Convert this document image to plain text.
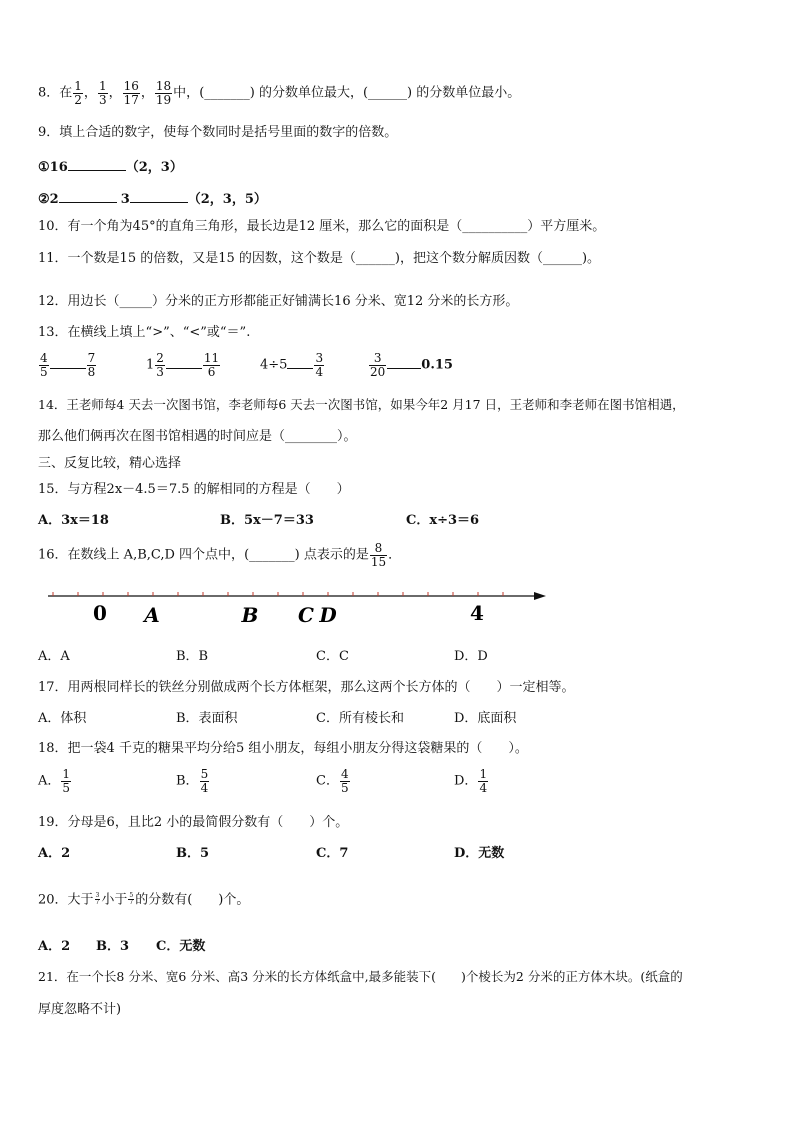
8．在 $\frac{1}{2}$ ， $\frac{1}{3}$ ， $\frac{16}{17}$ ， $\frac{18}{19}$ 中，(_______) 的分数单位最大，(______) 的分数单位最小。
9．填上合适的数字，使每个数同时是括号里面的数字的倍数。
①16	（2，3）
②2	3	（2，3，5）
10．有一个角为45°的直角三角形，最长边是12 厘米，那么它的面积是（__________）平方厘米。
11．一个数是15 的倍数，又是15 的因数，这个数是（______)，把这个数分解质因数（______)。
12．用边长（_____）分米的正方形都能正好铺满长16 分米、宽12 分米的长方形。
13．在横线上填上“>”、“<”或“＝”.
$\frac{4}{5}$	$\frac{7}{8}$	$1 \frac{2}{3}$	$\frac{11}{6}$	$4\div 5 \frac{3}{4}$	$\frac{3}{20}$	0.15
14．王老师每4 天去一次图书馆，李老师每6 天去一次图书馆，如果今年2 月17 日，王老师和李老师在图书馆相遇，
那么他们俩再次在图书馆相遇的时间应是（________）。
三、反复比较，精心选择
15．与方程2x－4.5＝7.5 的解相同的方程是（　　）
A．3x＝18	B．5x－7＝33	C．x÷3＝6
16．在数线上 A,B,C,D 四个点中，(_______) 点表示的是 $\frac{8}{15}$ ．
0 A	B C D	4
A．A	B．B	C．C	D．D
17．用两根同样长的铁丝分别做成两个长方体框架，那么这两个长方体的（　　）一定相等。
A．体积	B．表面积	C．所有棱长和	D．底面积
18．把一袋4 千克的糖果平均分给5 组小朋友，每组小朋友分得这袋糖果的（　　）。
A． $\frac{1}{5}$	B． $\frac{5}{4}$	C． $\frac{4}{5}$	D． $\frac{1}{4}$
19．分母是6，且比2 小的最简假分数有（　　）个。
A．2	B．5	C．7	D．无数
20．大于 $\frac{3}{7}$ 小于 $\frac{5}{7}$ 的分数有(　　)个。
A．2 B．3 C．无数
21．在一个长8 分米、宽6 分米、高3 分米的长方体纸盒中,最多能装下(　　)个棱长为2 分米的正方体木块。(纸盒的
厚度忽略不计)
